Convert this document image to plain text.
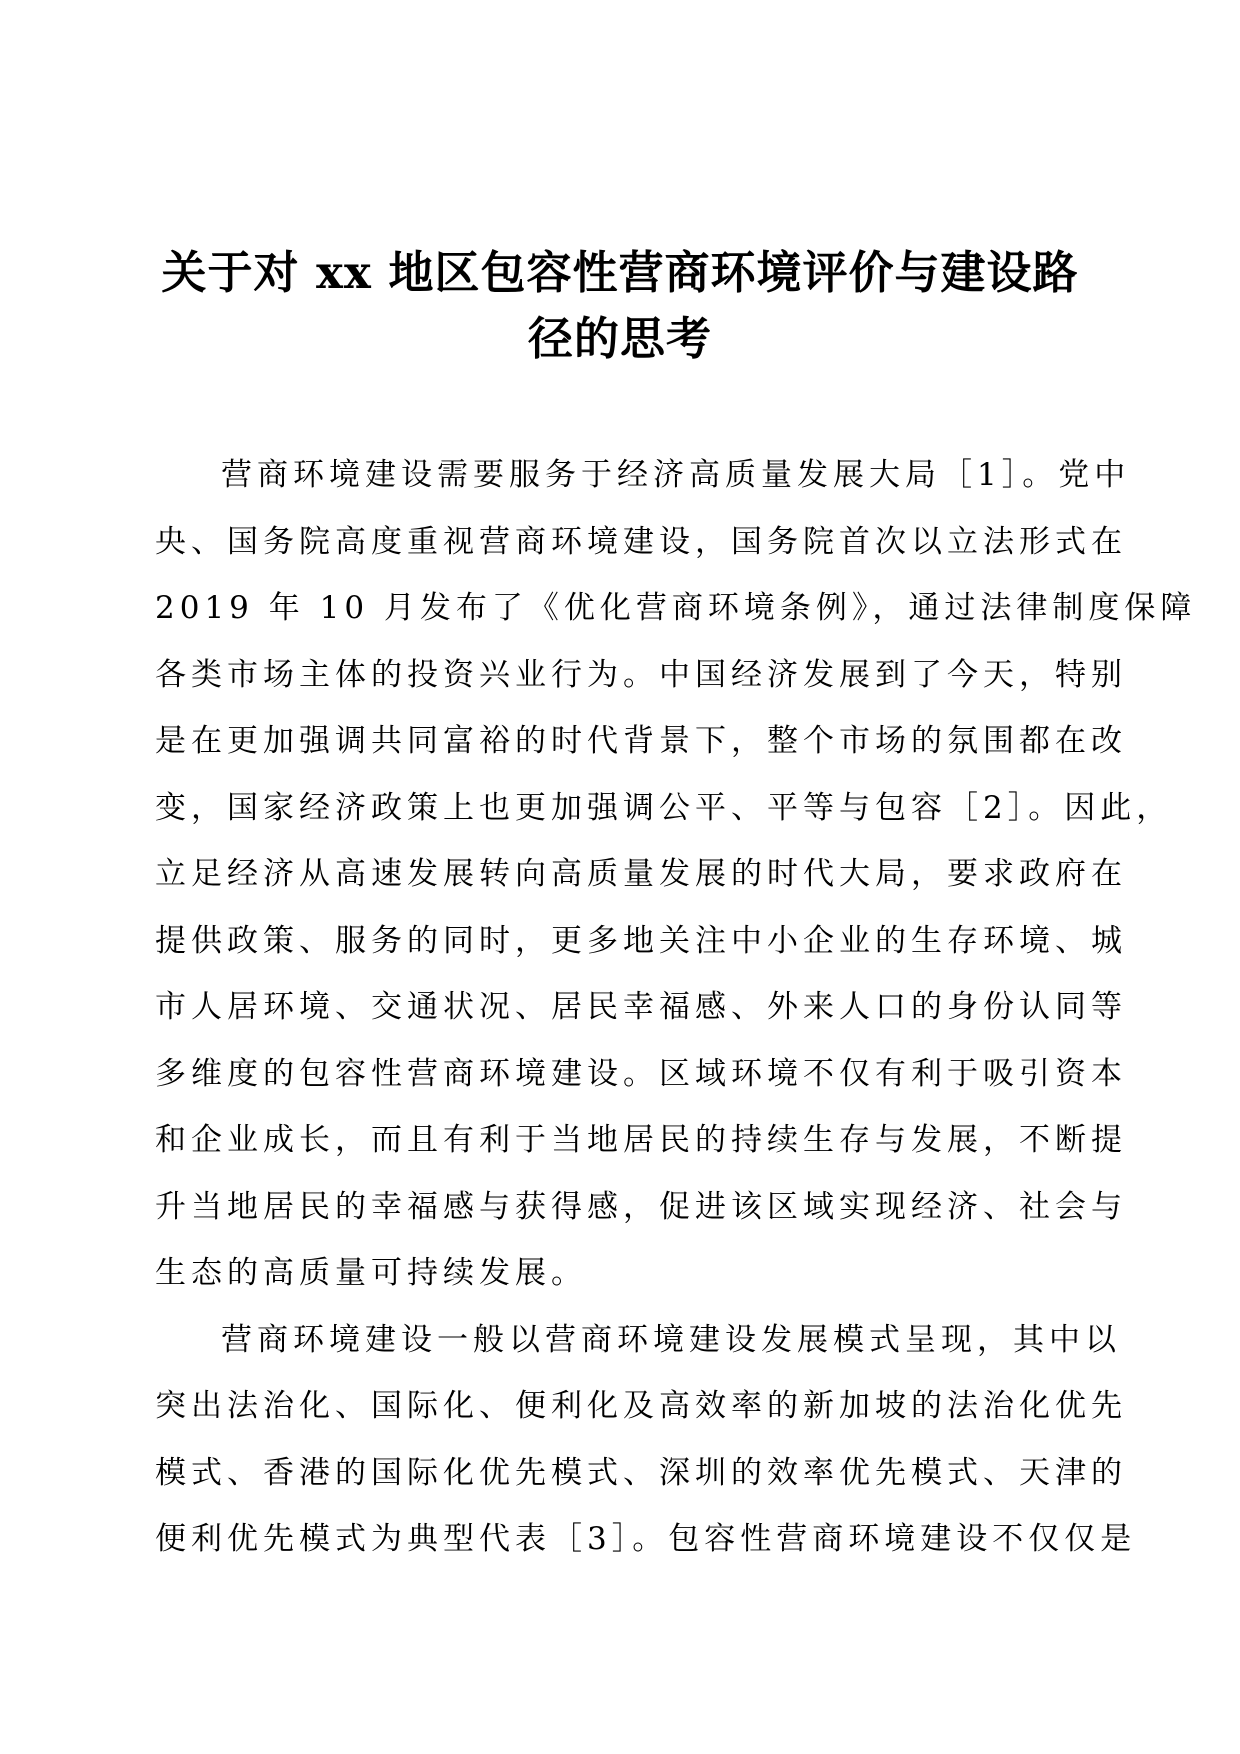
关于对 xx 地区包容性营商环境评价与建设路
径的思考
营商环境建设需要服务于经济高质量发展大局［1］。党中
央、国务院高度重视营商环境建设，国务院首次以立法形式在
2019 年 10 月发布了《优化营商环境条例》，通过法律制度保障
各类市场主体的投资兴业行为。中国经济发展到了今天，特别
是在更加强调共同富裕的时代背景下，整个市场的氛围都在改
变，国家经济政策上也更加强调公平、平等与包容［2］。因此，
立足经济从高速发展转向高质量发展的时代大局，要求政府在
提供政策、服务的同时，更多地关注中小企业的生存环境、城
市人居环境、交通状况、居民幸福感、外来人口的身份认同等
多维度的包容性营商环境建设。区域环境不仅有利于吸引资本
和企业成长，而且有利于当地居民的持续生存与发展，不断提
升当地居民的幸福感与获得感，促进该区域实现经济、社会与
生态的高质量可持续发展。
营商环境建设一般以营商环境建设发展模式呈现，其中以
突出法治化、国际化、便利化及高效率的新加坡的法治化优先
模式、香港的国际化优先模式、深圳的效率优先模式、天津的
便利优先模式为典型代表［3］。包容性营商环境建设不仅仅是
